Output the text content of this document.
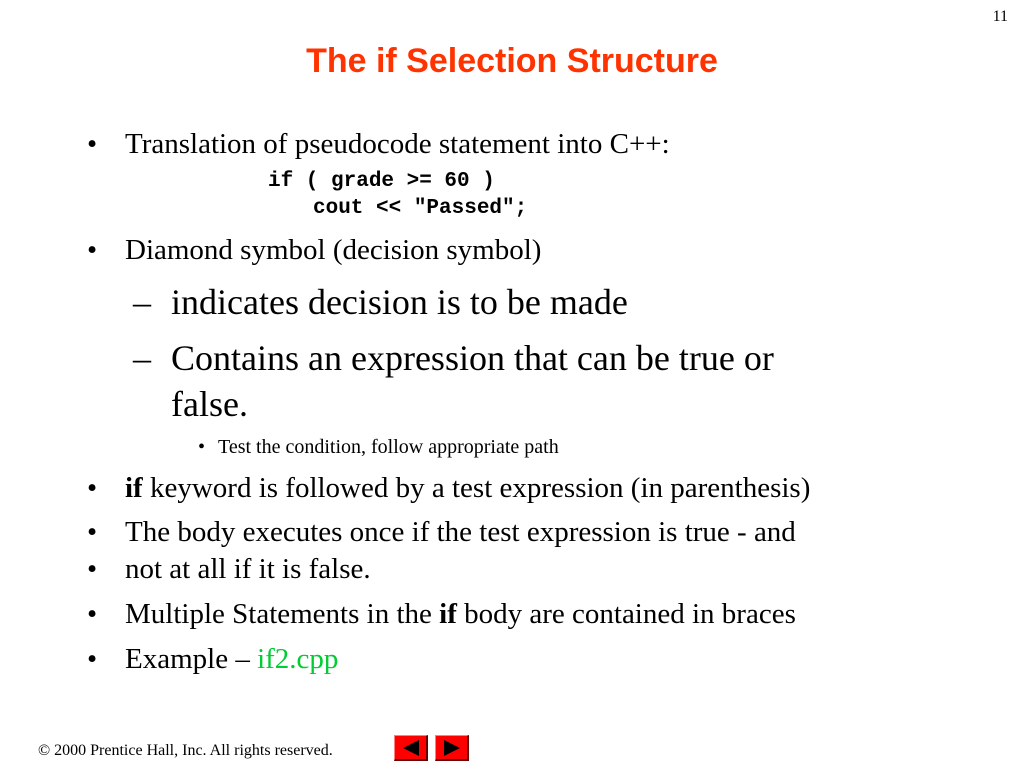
11
The if Selection Structure
• Translation of pseudocode statement into C++:
if ( grade >= 60 )
cout << "Passed";
• Diamond symbol (decision symbol)
– indicates decision is to be made
– Contains an expression that can be true or
false.
• Test the condition, follow appropriate path
• if keyword is followed by a test expression (in parenthesis)
• The body executes once if the test expression is true - and
• not at all if it is false.
• Multiple Statements in the if body are contained in braces
• Example – if2.cpp
© 2000 Prentice Hall, Inc. All rights reserved.
